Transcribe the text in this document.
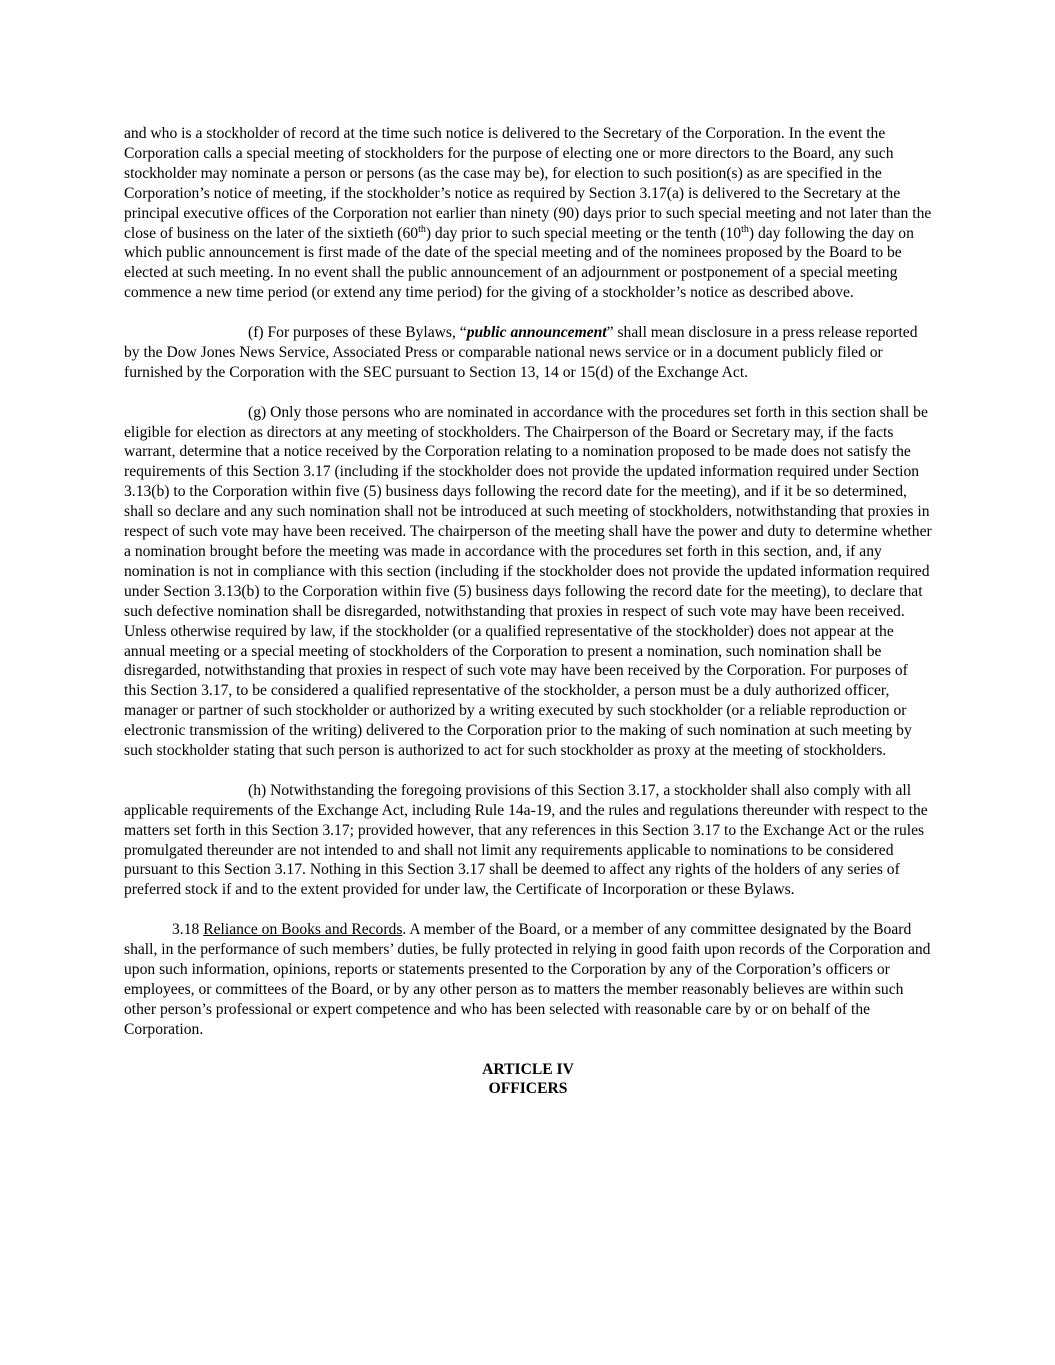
and who is a stockholder of record at the time such notice is delivered to the Secretary of the Corporation. In the event the Corporation calls a special meeting of stockholders for the purpose of electing one or more directors to the Board, any such stockholder may nominate a person or persons (as the case may be), for election to such position(s) as are specified in the Corporation’s notice of meeting, if the stockholder’s notice as required by Section 3.17(a) is delivered to the Secretary at the principal executive offices of the Corporation not earlier than ninety (90) days prior to such special meeting and not later than the close of business on the later of the sixtieth (60th) day prior to such special meeting or the tenth (10th) day following the day on which public announcement is first made of the date of the special meeting and of the nominees proposed by the Board to be elected at such meeting. In no event shall the public announcement of an adjournment or postponement of a special meeting commence a new time period (or extend any time period) for the giving of a stockholder’s notice as described above.

(f) For purposes of these Bylaws, “public announcement” shall mean disclosure in a press release reported by the Dow Jones News Service, Associated Press or comparable national news service or in a document publicly filed or furnished by the Corporation with the SEC pursuant to Section 13, 14 or 15(d) of the Exchange Act.

(g) Only those persons who are nominated in accordance with the procedures set forth in this section shall be eligible for election as directors at any meeting of stockholders. The Chairperson of the Board or Secretary may, if the facts warrant, determine that a notice received by the Corporation relating to a nomination proposed to be made does not satisfy the requirements of this Section 3.17 (including if the stockholder does not provide the updated information required under Section 3.13(b) to the Corporation within five (5) business days following the record date for the meeting), and if it be so determined, shall so declare and any such nomination shall not be introduced at such meeting of stockholders, notwithstanding that proxies in respect of such vote may have been received. The chairperson of the meeting shall have the power and duty to determine whether a nomination brought before the meeting was made in accordance with the procedures set forth in this section, and, if any nomination is not in compliance with this section (including if the stockholder does not provide the updated information required under Section 3.13(b) to the Corporation within five (5) business days following the record date for the meeting), to declare that such defective nomination shall be disregarded, notwithstanding that proxies in respect of such vote may have been received. Unless otherwise required by law, if the stockholder (or a qualified representative of the stockholder) does not appear at the annual meeting or a special meeting of stockholders of the Corporation to present a nomination, such nomination shall be disregarded, notwithstanding that proxies in respect of such vote may have been received by the Corporation. For purposes of this Section 3.17, to be considered a qualified representative of the stockholder, a person must be a duly authorized officer, manager or partner of such stockholder or authorized by a writing executed by such stockholder (or a reliable reproduction or electronic transmission of the writing) delivered to the Corporation prior to the making of such nomination at such meeting by such stockholder stating that such person is authorized to act for such stockholder as proxy at the meeting of stockholders.

(h) Notwithstanding the foregoing provisions of this Section 3.17, a stockholder shall also comply with all applicable requirements of the Exchange Act, including Rule 14a-19, and the rules and regulations thereunder with respect to the matters set forth in this Section 3.17; provided however, that any references in this Section 3.17 to the Exchange Act or the rules promulgated thereunder are not intended to and shall not limit any requirements applicable to nominations to be considered pursuant to this Section 3.17. Nothing in this Section 3.17 shall be deemed to affect any rights of the holders of any series of preferred stock if and to the extent provided for under law, the Certificate of Incorporation or these Bylaws.

3.18 Reliance on Books and Records. A member of the Board, or a member of any committee designated by the Board shall, in the performance of such members’ duties, be fully protected in relying in good faith upon records of the Corporation and upon such information, opinions, reports or statements presented to the Corporation by any of the Corporation’s officers or employees, or committees of the Board, or by any other person as to matters the member reasonably believes are within such other person’s professional or expert competence and who has been selected with reasonable care by or on behalf of the Corporation.

ARTICLE IV
OFFICERS
